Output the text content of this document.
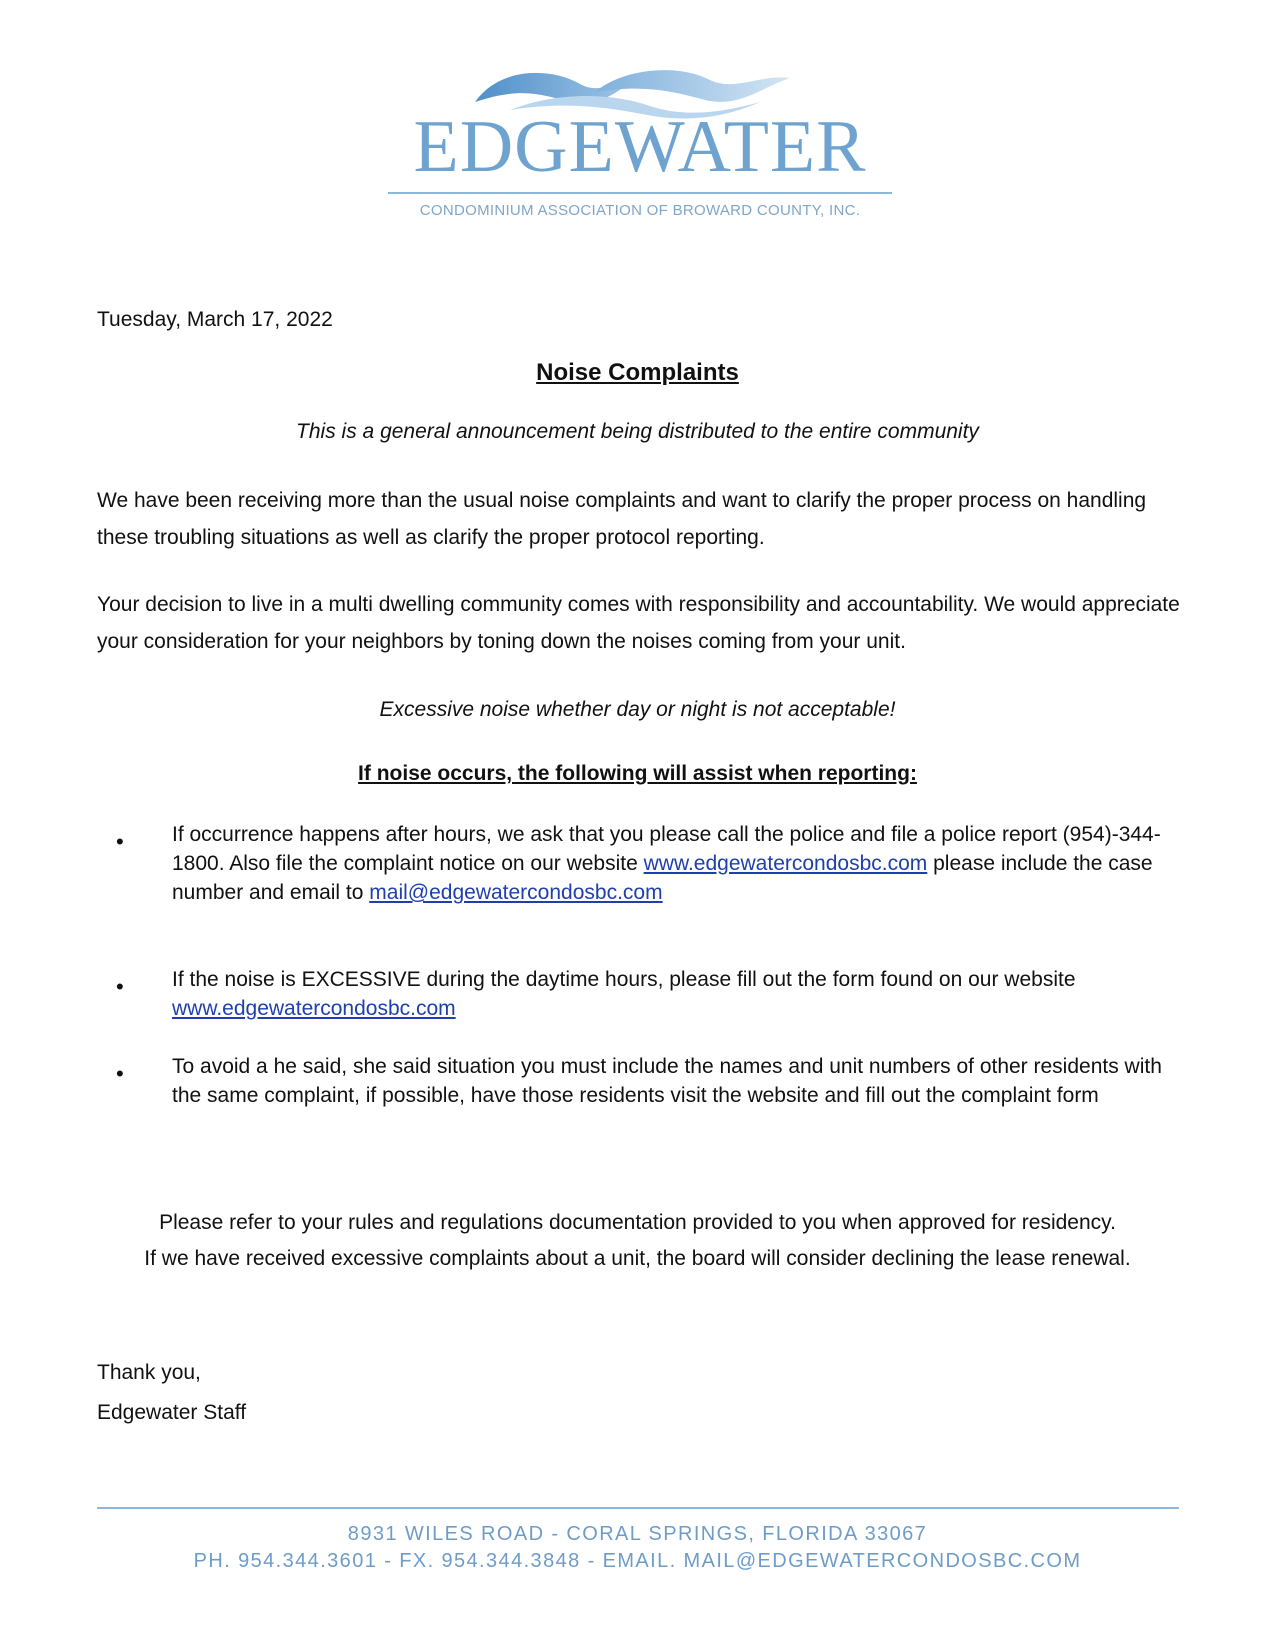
EDGEWATER
CONDOMINIUM ASSOCIATION OF BROWARD COUNTY, INC.
Tuesday, March 17, 2022
Noise Complaints
This is a general announcement being distributed to the entire community
We have been receiving more than the usual noise complaints and want to clarify the proper process on handling these troubling situations as well as clarify the proper protocol reporting.
Your decision to live in a multi dwelling community comes with responsibility and accountability. We would appreciate your consideration for your neighbors by toning down the noises coming from your unit.
Excessive noise whether day or night is not acceptable!
If noise occurs, the following will assist when reporting:
• If occurrence happens after hours, we ask that you please call the police and file a police report (954)-344-1800. Also file the complaint notice on our website www.edgewatercondosbc.com please include the case number and email to mail@edgewatercondosbc.com
• If the noise is EXCESSIVE during the daytime hours, please fill out the form found on our website www.edgewatercondosbc.com
• To avoid a he said, she said situation you must include the names and unit numbers of other residents with the same complaint, if possible, have those residents visit the website and fill out the complaint form
Please refer to your rules and regulations documentation provided to you when approved for residency.
If we have received excessive complaints about a unit, the board will consider declining the lease renewal.
Thank you,
Edgewater Staff
8931 WILES ROAD - CORAL SPRINGS, FLORIDA 33067
PH. 954.344.3601 - FX. 954.344.3848 - EMAIL. MAIL@EDGEWATERCONDOSBC.COM
